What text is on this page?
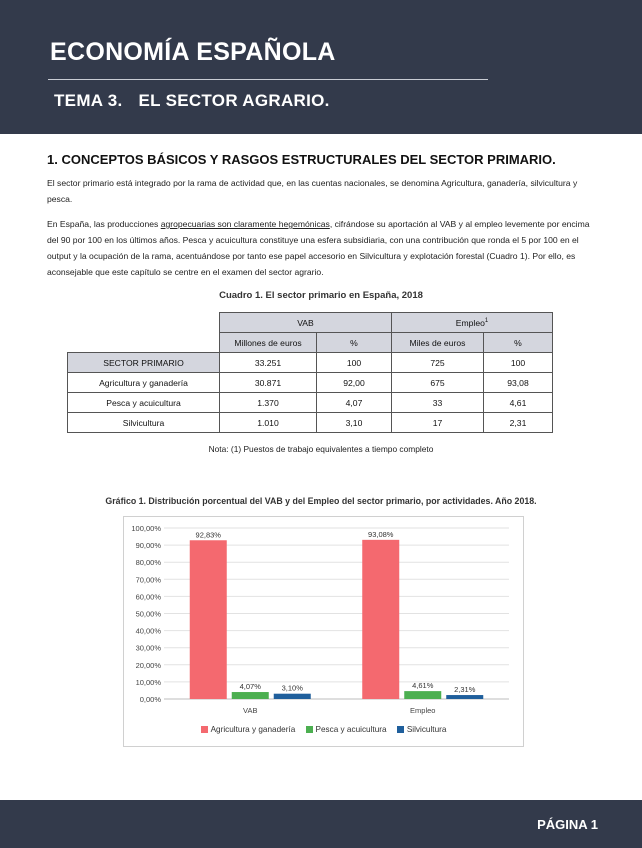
ECONOMÍA ESPAÑOLA
TEMA 3. EL SECTOR AGRARIO.
1. CONCEPTOS BÁSICOS Y RASGOS ESTRUCTURALES DEL SECTOR PRIMARIO.
El sector primario está integrado por la rama de actividad que, en las cuentas nacionales, se denomina Agricultura, ganadería, silvicultura y pesca.
En España, las producciones agropecuarias son claramente hegemónicas, cifrándose su aportación al VAB y al empleo levemente por encima del 90 por 100 en los últimos años. Pesca y acuicultura constituye una esfera subsidiaria, con una contribución que ronda el 5 por 100 en el output y la ocupación de la rama, acentuándose por tanto ese papel accesorio en Silvicultura y explotación forestal (Cuadro 1). Por ello, es aconsejable que este capítulo se centre en el examen del sector agrario.
Cuadro 1. El sector primario en España, 2018
	VAB		Empleo$^1$
	Millones de euros	%	Miles de euros	%
SECTOR PRIMARIO	33.251	100	725	100
Agricultura y ganadería	30.871	92,00	675	93,08
Pesca y acuicultura	1.370	4,07	33	4,61
Silvicultura	1.010	3,10	17	2,31
Nota: (1) Puestos de trabajo equivalentes a tiempo completo
Gráfico 1. Distribución porcentual del VAB y del Empleo del sector primario, por actividades. Año 2018.
0,00%
10,00%
20,00%
30,00%
40,00%
50,00%
60,00%
70,00%
80,00%
90,00%
100,00%
92,83%
4,07%	3,10%
VAB
93,08%
4,61%	2,31%
Empleo
Agricultura y ganadería Pesca y acuicultura Silvicultura
PÁGINA 1
